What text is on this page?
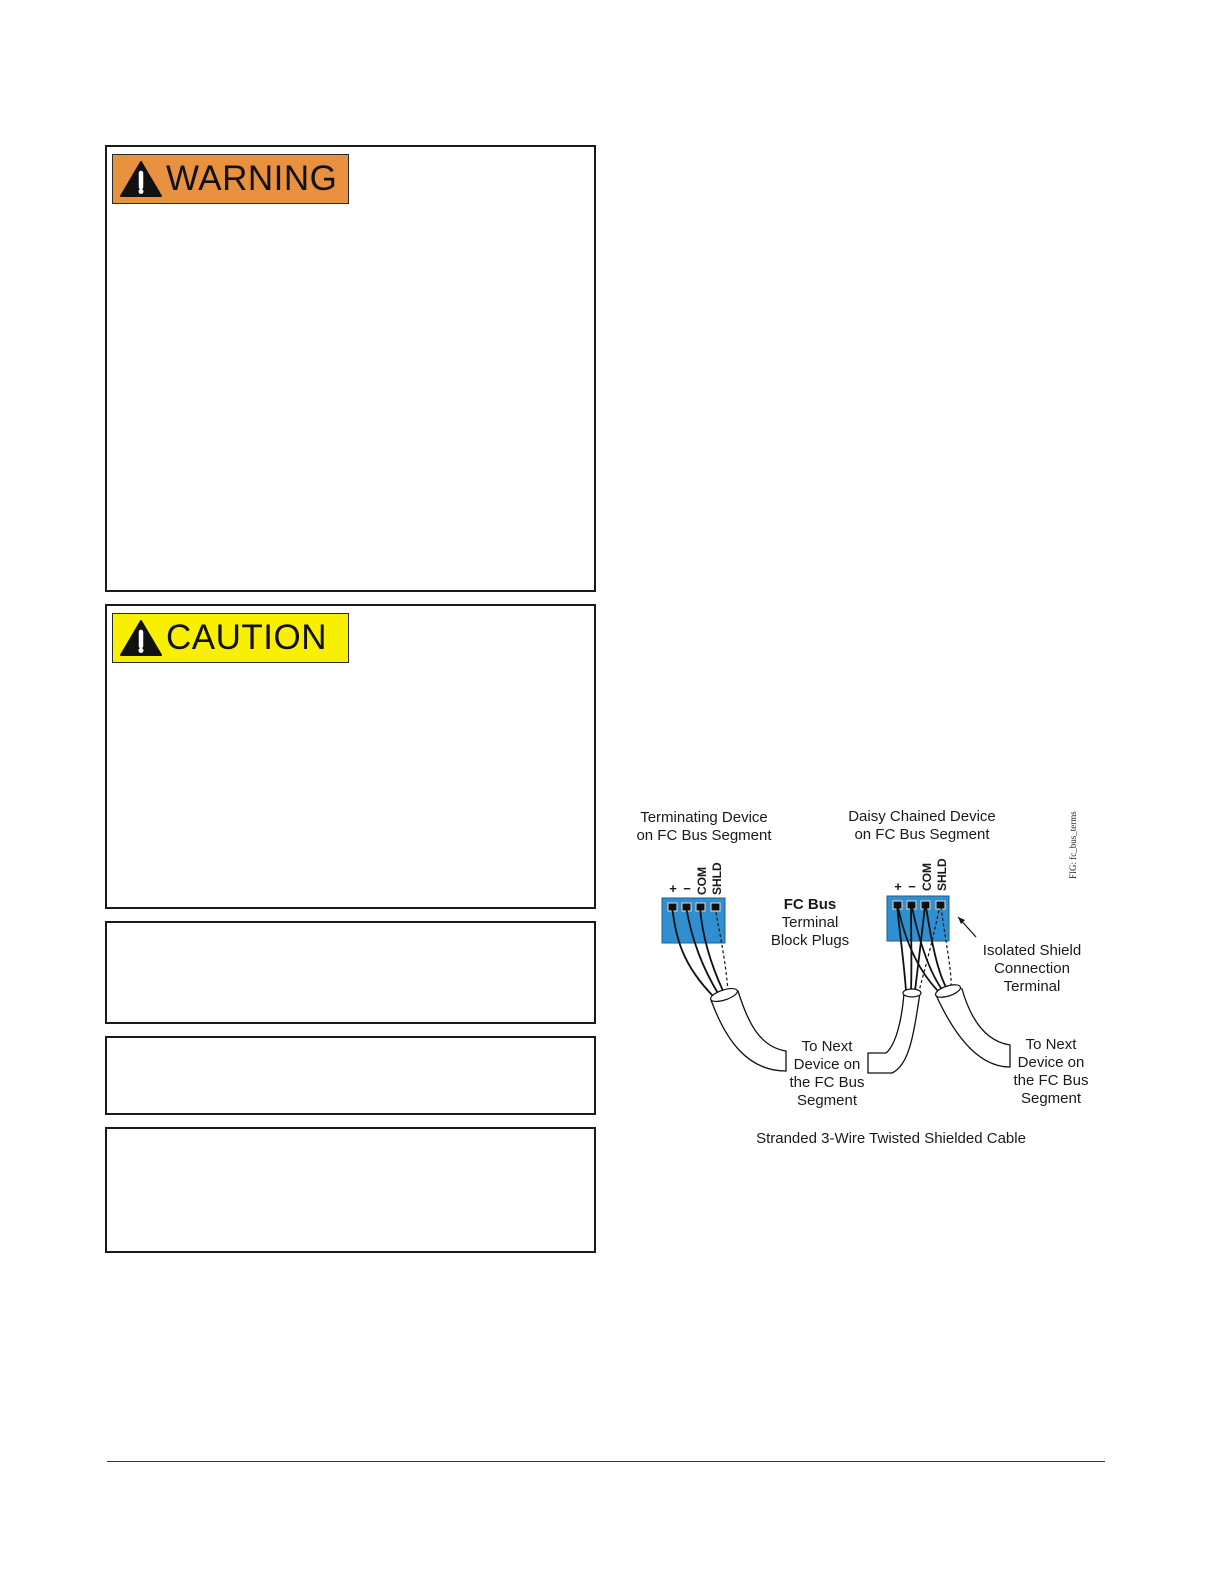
WARNING
CAUTION
Terminating Device
on FC Bus Segment
Daisy Chained Device
on FC Bus Segment	FIG: fc_bus_terms
+ − COM SHLD	+ − COM SHLD
FC Bus
Terminal
Block Plugs
Isolated Shield
Connection
Terminal
To Next
Device on
the FC Bus
Segment
To Next
Device on
the FC Bus
Segment
Stranded 3-Wire Twisted Shielded Cable
